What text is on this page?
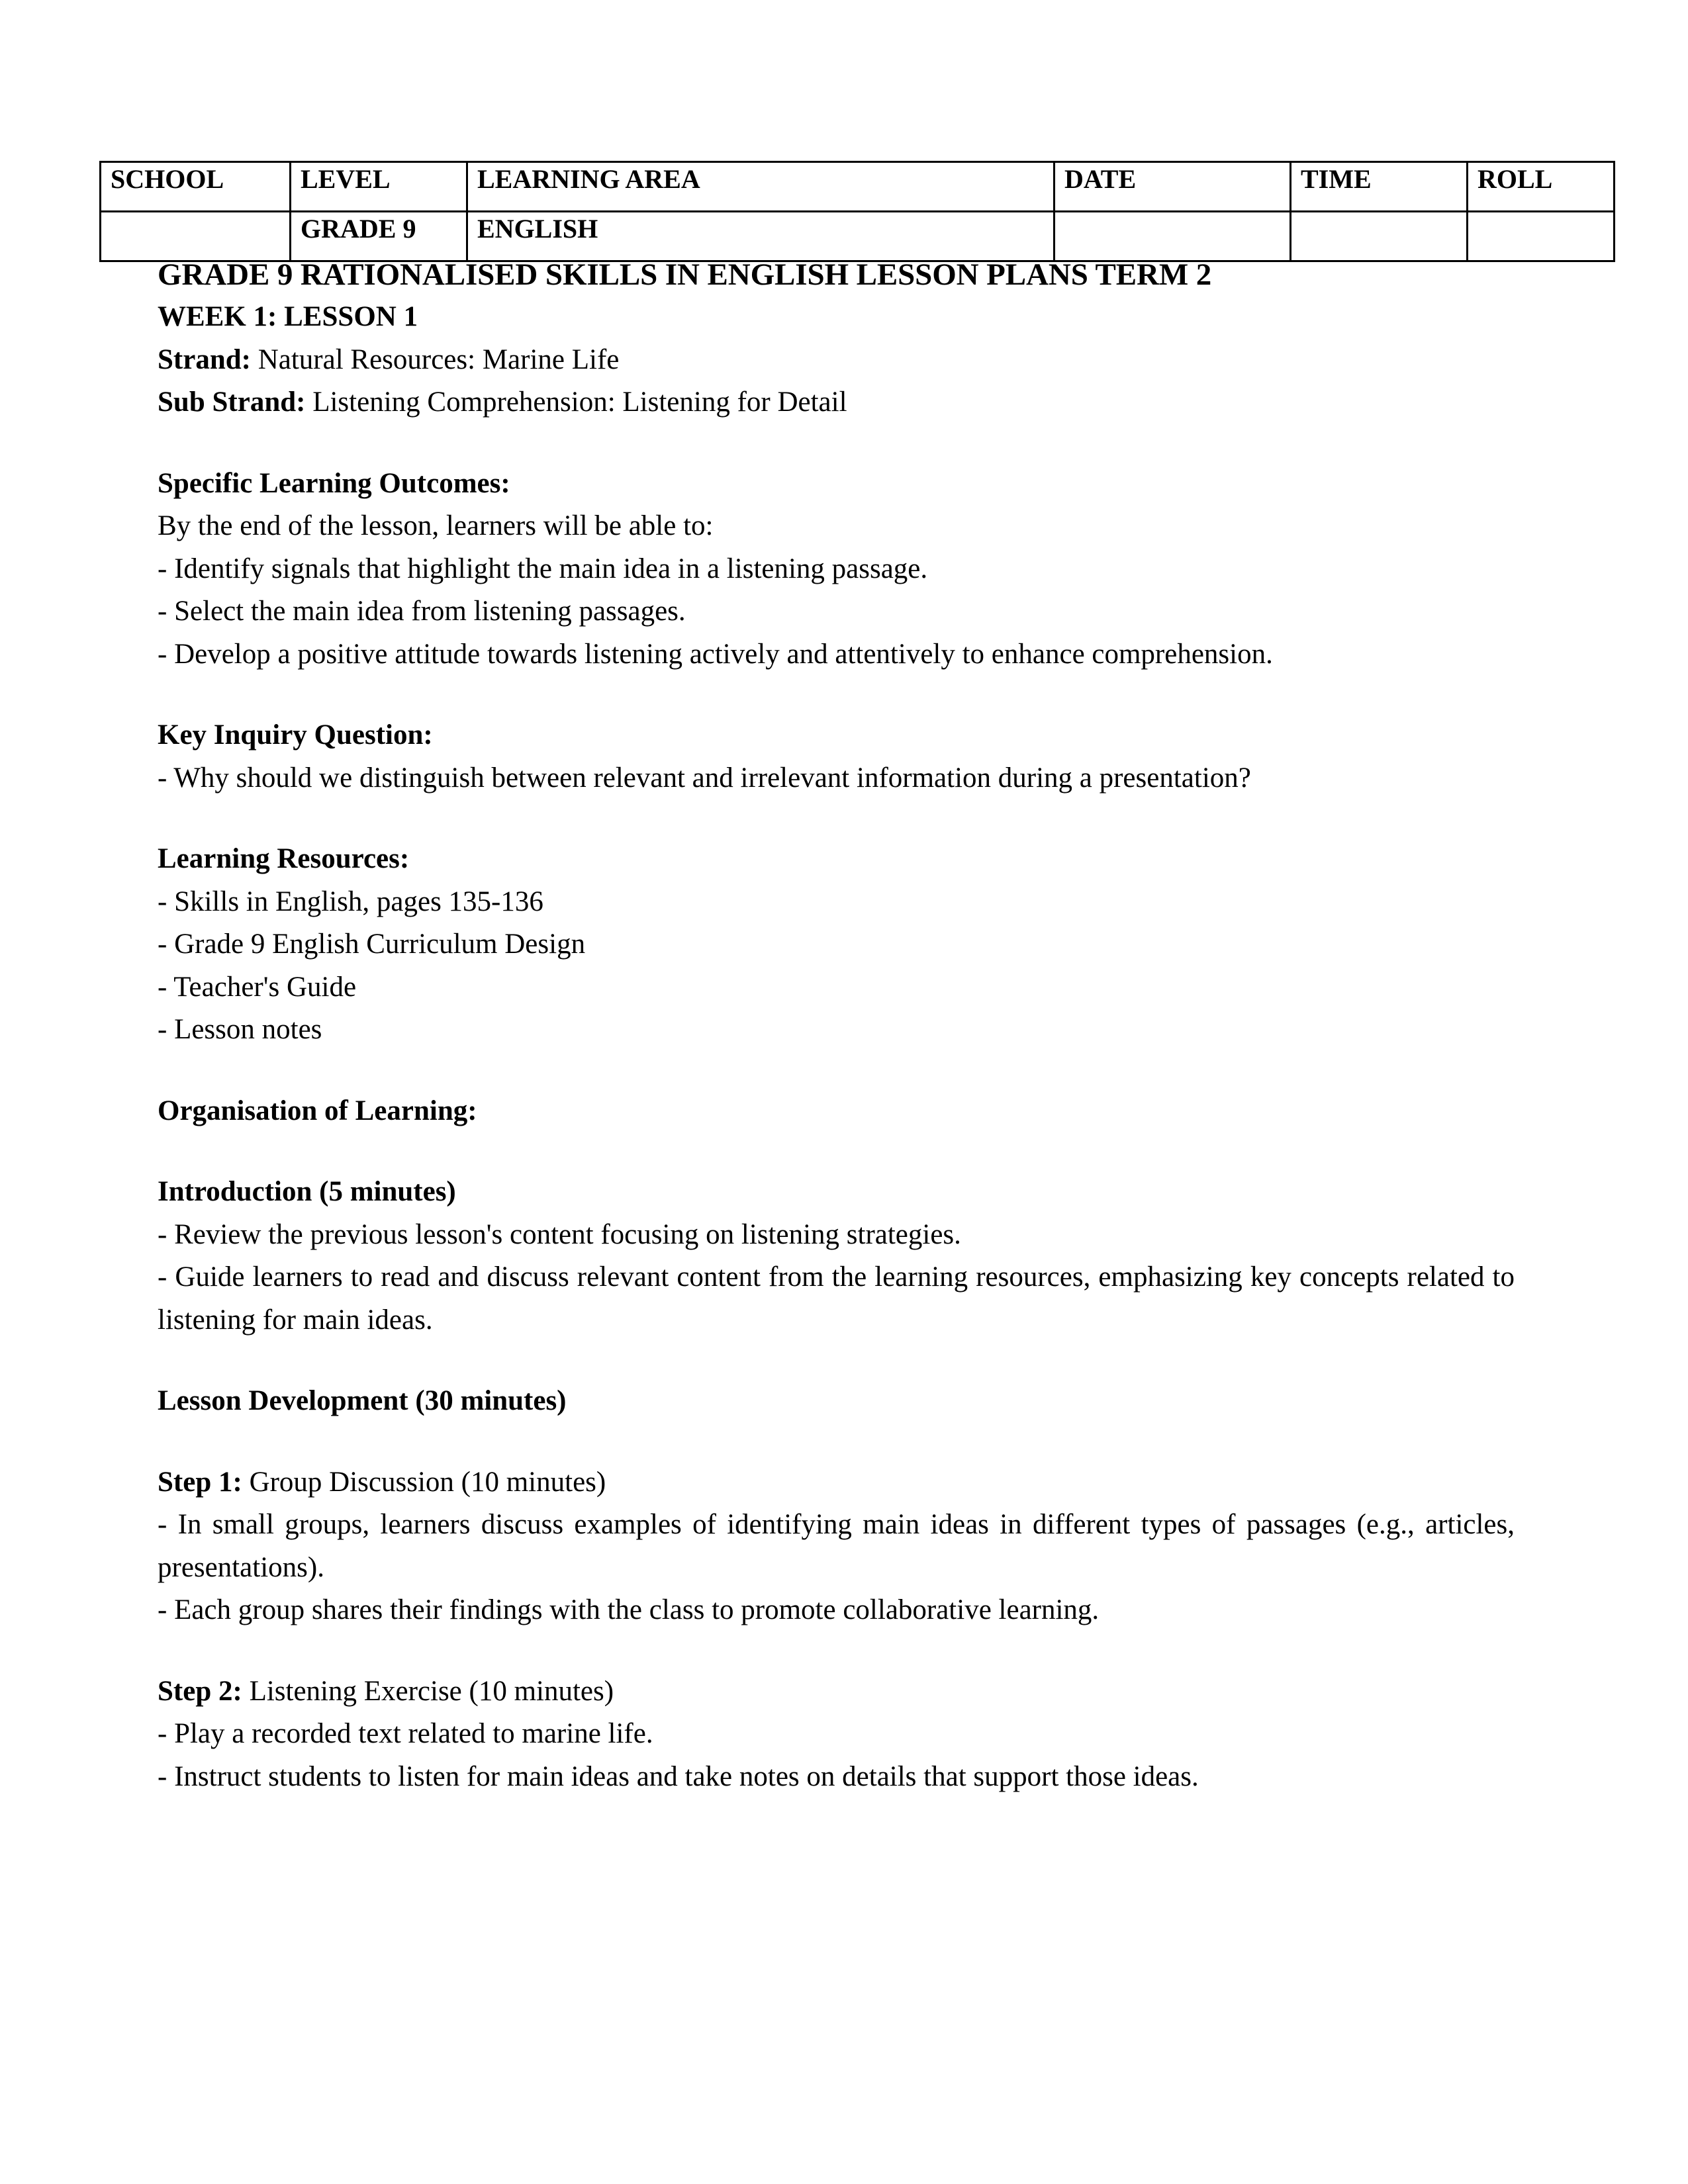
SCHOOL	LEVEL	LEARNING AREA	DATE	TIME	ROLL
	GRADE 9	ENGLISH			
GRADE 9 RATIONALISED SKILLS IN ENGLISH LESSON PLANS TERM 2
WEEK 1: LESSON 1
Strand: Natural Resources: Marine Life
Sub Strand: Listening Comprehension: Listening for Detail
Specific Learning Outcomes:
By the end of the lesson, learners will be able to:
- Identify signals that highlight the main idea in a listening passage.
- Select the main idea from listening passages.
- Develop a positive attitude towards listening actively and attentively to enhance comprehension.
Key Inquiry Question:
- Why should we distinguish between relevant and irrelevant information during a presentation?
Learning Resources:
- Skills in English, pages 135-136
- Grade 9 English Curriculum Design
- Teacher's Guide
- Lesson notes
Organisation of Learning:
Introduction (5 minutes)
- Review the previous lesson's content focusing on listening strategies.
- Guide learners to read and discuss relevant content from the learning resources, emphasizing key concepts related to listening for main ideas.
Lesson Development (30 minutes)
Step 1: Group Discussion (10 minutes)
- In small groups, learners discuss examples of identifying main ideas in different types of passages (e.g., articles, presentations).
- Each group shares their findings with the class to promote collaborative learning.
Step 2: Listening Exercise (10 minutes)
- Play a recorded text related to marine life.
- Instruct students to listen for main ideas and take notes on details that support those ideas.
